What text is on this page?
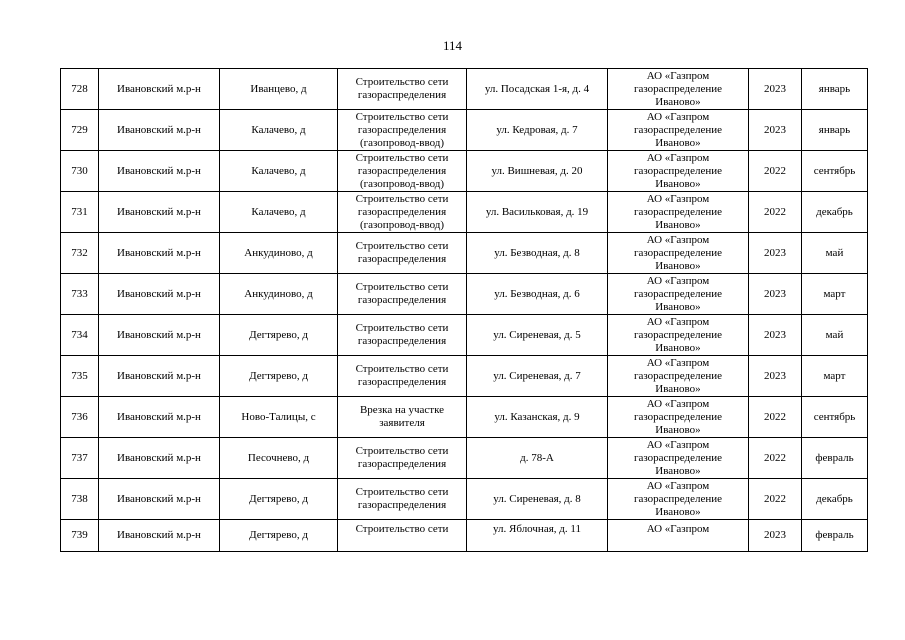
114
728	Ивановский м.р-н	Иванцево, д	Строительство сети газораспределения	ул. Посадская 1-я, д. 4	АО «Газпром газораспределение Иваново»	2023	январь
729	Ивановский м.р-н	Калачево, д	Строительство сети газораспределения (газопровод-ввод)	ул. Кедровая, д. 7	АО «Газпром газораспределение Иваново»	2023	январь
730	Ивановский м.р-н	Калачево, д	Строительство сети газораспределения (газопровод-ввод)	ул. Вишневая, д. 20	АО «Газпром газораспределение Иваново»	2022	сентябрь
731	Ивановский м.р-н	Калачево, д	Строительство сети газораспределения (газопровод-ввод)	ул. Васильковая, д. 19	АО «Газпром газораспределение Иваново»	2022	декабрь
732	Ивановский м.р-н	Анкудиново, д	Строительство сети газораспределения	ул. Безводная, д. 8	АО «Газпром газораспределение Иваново»	2023	май
733	Ивановский м.р-н	Анкудиново, д	Строительство сети газораспределения	ул. Безводная, д. 6	АО «Газпром газораспределение Иваново»	2023	март
734	Ивановский м.р-н	Дегтярево, д	Строительство сети газораспределения	ул. Сиреневая, д. 5	АО «Газпром газораспределение Иваново»	2023	май
735	Ивановский м.р-н	Дегтярево, д	Строительство сети газораспределения	ул. Сиреневая, д. 7	АО «Газпром газораспределение Иваново»	2023	март
736	Ивановский м.р-н	Ново-Талицы, с	Врезка на участке заявителя	ул. Казанская, д. 9	АО «Газпром газораспределение Иваново»	2022	сентябрь
737	Ивановский м.р-н	Песочнево, д	Строительство сети газораспределения	д. 78-А	АО «Газпром газораспределение Иваново»	2022	февраль
738	Ивановский м.р-н	Дегтярево, д	Строительство сети газораспределения	ул. Сиреневая, д. 8	АО «Газпром газораспределение Иваново»	2022	декабрь
739	Ивановский м.р-н	Дегтярево, д	Строительство сети	ул. Яблочная, д. 11	АО «Газпром	2023	февраль
